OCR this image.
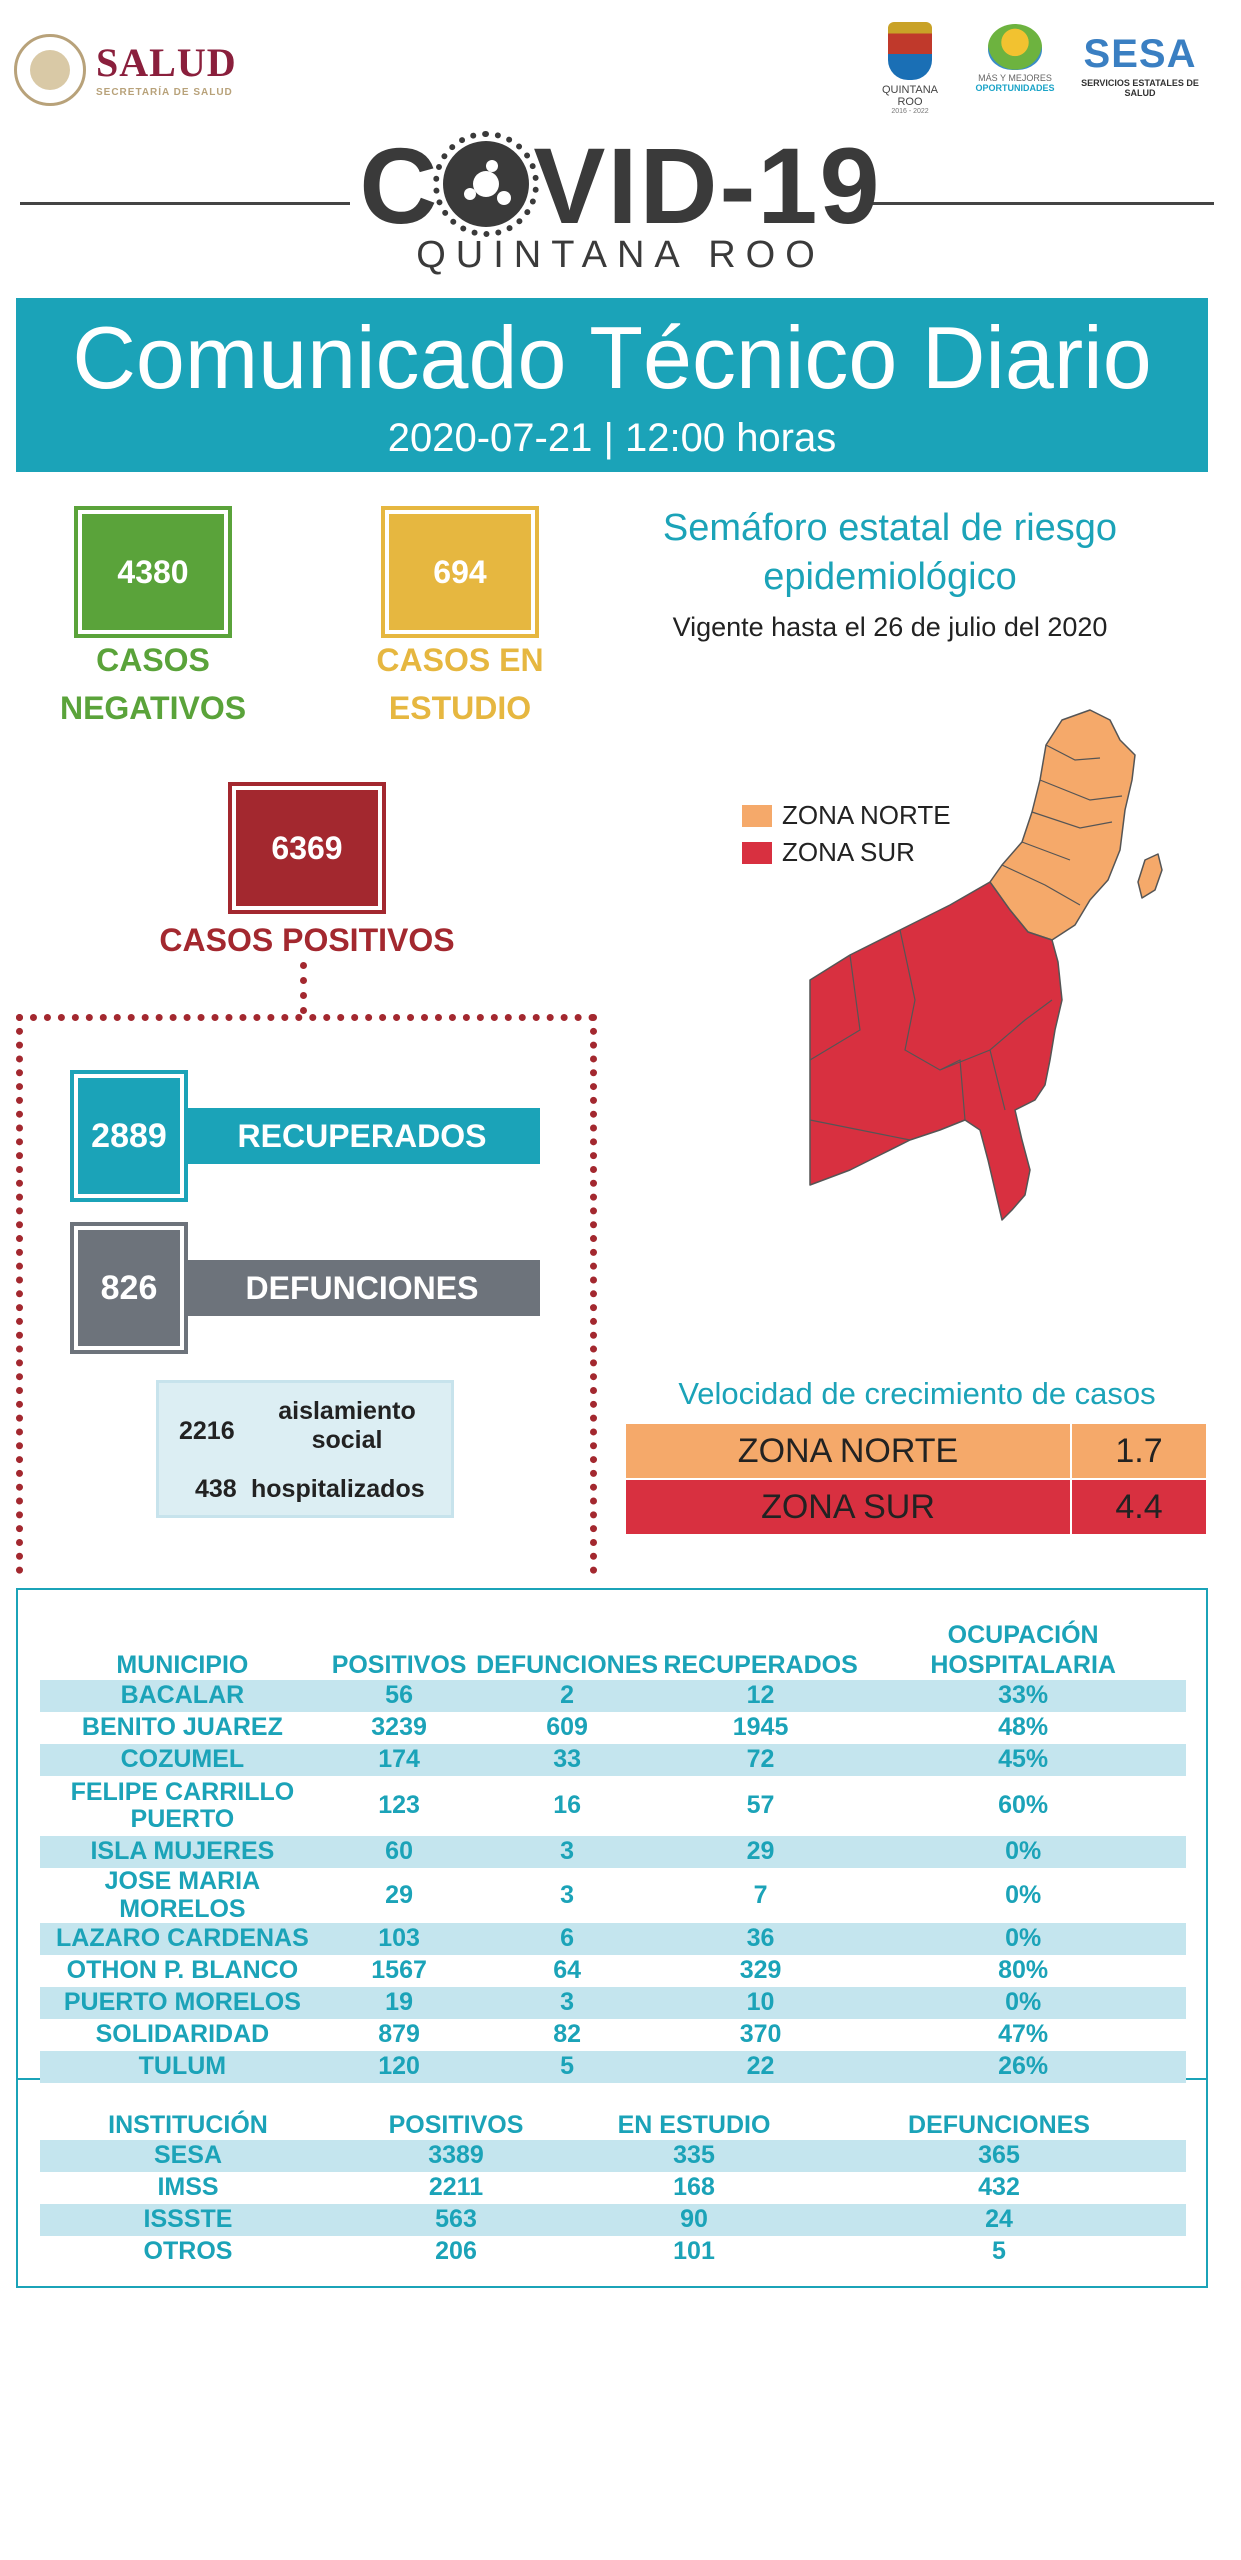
SALUD
SECRETARÍA DE SALUD	QUINTANA ROO
2016 - 2022
MÁS Y MEJORES
OPORTUNIDADES
SESA
SERVICIOS ESTATALES DE SALUD
C VID-19
QUINTANA ROO
Comunicado Técnico Diario
2020-07-21 | 12:00 horas
4380
CASOS
NEGATIVOS
694
CASOS EN
ESTUDIO
6369
CASOS POSITIVOS
2889	RECUPERADOS
826	DEFUNCIONES
2216
aislamiento social
438 hospitalizados
Semáforo estatal de riesgo epidemiológico
Vigente hasta el 26 de julio del 2020
ZONA NORTE
ZONA SUR
Velocidad de crecimiento de casos
ZONA NORTE	1.7
ZONA SUR	4.4
MUNICIPIO	POSITIVOS	DEFUNCIONES	RECUPERADOS	OCUPACIÓN HOSPITALARIA
BACALAR	56	2	12	33%
BENITO JUAREZ	3239	609	1945	48%
COZUMEL	174	33	72	45%
FELIPE CARRILLO PUERTO	123	16	57	60%
ISLA MUJERES	60	3	29	0%
JOSE MARIA MORELOS	29	3	7	0%
LAZARO CARDENAS	103	6	36	0%
OTHON P. BLANCO	1567	64	329	80%
PUERTO MORELOS	19	3	10	0%
SOLIDARIDAD	879	82	370	47%
TULUM	120	5	22	26%
INSTITUCIÓN	POSITIVOS	EN ESTUDIO	DEFUNCIONES
SESA	3389	335	365
IMSS	2211	168	432
ISSSTE	563	90	24
OTROS	206	101	5
